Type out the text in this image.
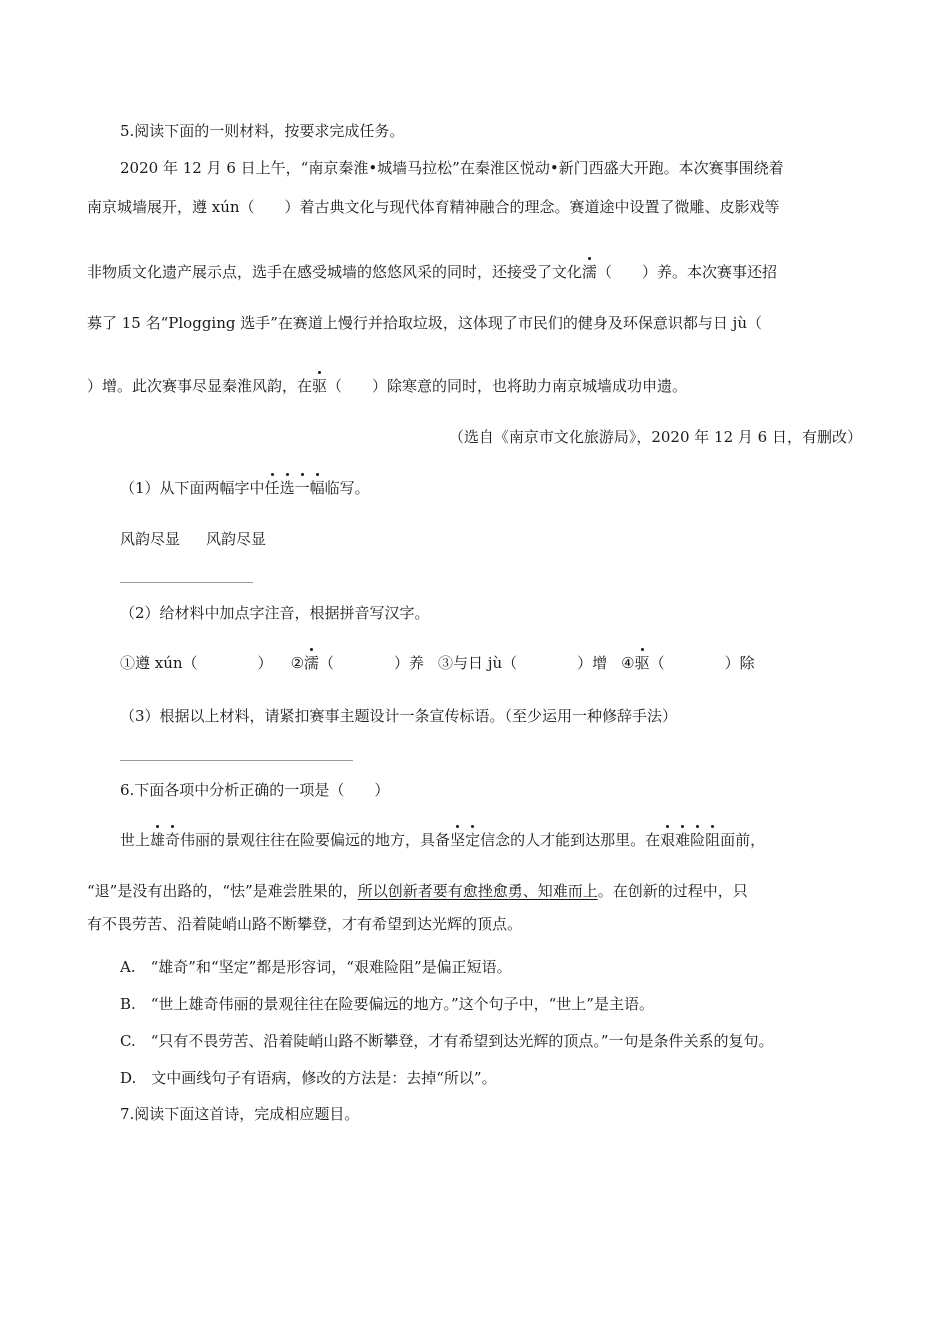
5.阅读下面的一则材料，按要求完成任务。
2020 年 12 月 6 日上午，“南京秦淮•城墙马拉松”在秦淮区悦动•新门西盛大开跑。本次赛事围绕着
南京城墙展开，遵 xún（　　）着古典文化与现代体育精神融合的理念。赛道途中设置了微雕、皮影戏等
非物质文化遗产展示点，选手在感受城墙的悠悠风采的同时，还接受了文化濡（　　）养。本次赛事还招
募了 15 名“Plogging 选手”在赛道上慢行并拾取垃圾，这体现了市民们的健身及环保意识都与日 jù（
）增。此次赛事尽显秦淮风韵，在驱（　　）除寒意的同时，也将助力南京城墙成功申遗。
（选自《南京市文化旅游局》，2020 年 12 月 6 日，有删改）
（1）从下面两幅字中任选一幅临写。
风韵尽显 风韵尽显
（2）给材料中加点字注音，根据拼音写汉字。
①遵 xún（　　　　） ②濡（　　　　）养 ③与日 jù（　　　　）增 ④驱（　　　　）除
（3）根据以上材料，请紧扣赛事主题设计一条宣传标语。（至少运用一种修辞手法）
6.下面各项中分析正确的一项是（　　）
世上雄奇伟丽的景观往往在险要偏远的地方，具备坚定信念的人才能到达那里。在艰难险阻面前，
“退”是没有出路的，“怯”是难尝胜果的，所以创新者要有愈挫愈勇、知难而上。在创新的过程中，只
有不畏劳苦、沿着陡峭山路不断攀登，才有希望到达光辉的顶点。
A.　“雄奇”和“坚定”都是形容词，“艰难险阻”是偏正短语。
B.　“世上雄奇伟丽的景观往往在险要偏远的地方。”这个句子中，“世上”是主语。
C.　“只有不畏劳苦、沿着陡峭山路不断攀登，才有希望到达光辉的顶点。”一句是条件关系的复句。
D.　文中画线句子有语病，修改的方法是：去掉“所以”。
7.阅读下面这首诗，完成相应题目。
